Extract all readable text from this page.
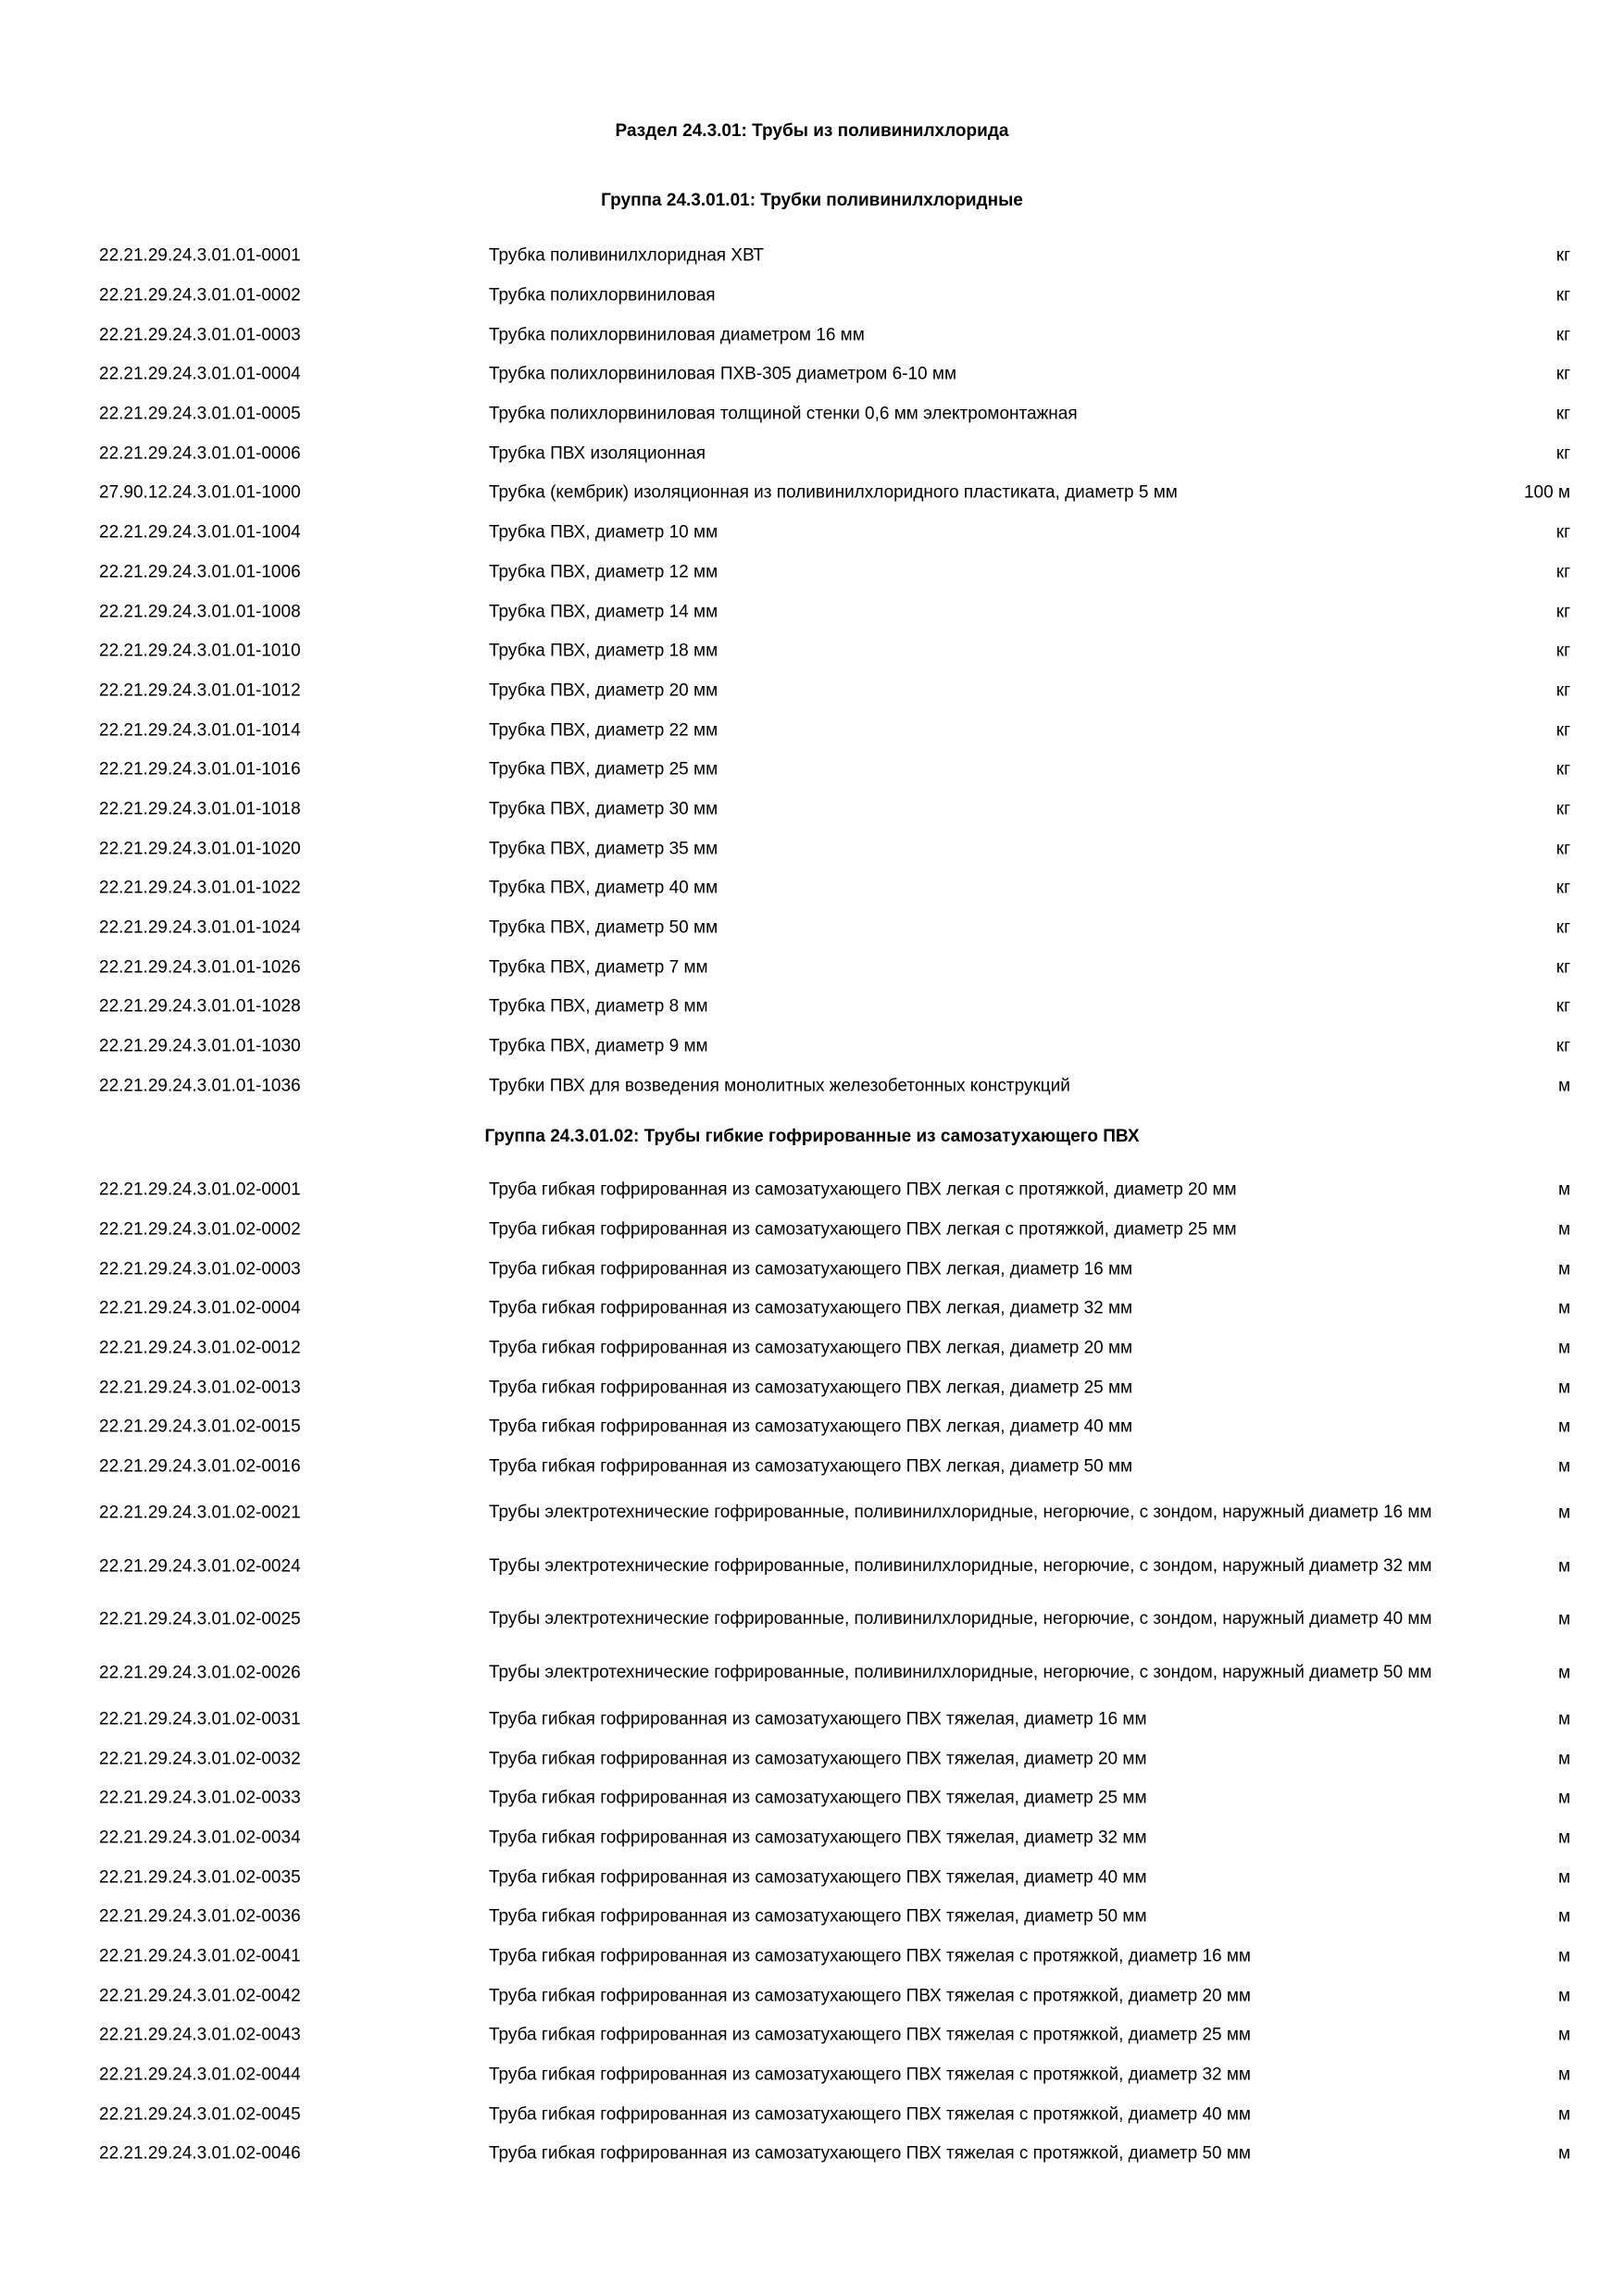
Раздел 24.3.01: Трубы из поливинилхлорида
Группа 24.3.01.01: Трубки поливинилхлоридные
22.21.29.24.3.01.01-0001	Трубка поливинилхлоридная ХВТ	кг
22.21.29.24.3.01.01-0002	Трубка полихлорвиниловая	кг
22.21.29.24.3.01.01-0003	Трубка полихлорвиниловая диаметром 16 мм	кг
22.21.29.24.3.01.01-0004	Трубка полихлорвиниловая ПХВ-305 диаметром 6-10 мм	кг
22.21.29.24.3.01.01-0005	Трубка полихлорвиниловая толщиной стенки 0,6 мм электромонтажная	кг
22.21.29.24.3.01.01-0006	Трубка ПВХ изоляционная	кг
27.90.12.24.3.01.01-1000	Трубка (кембрик) изоляционная из поливинилхлоридного пластиката, диаметр 5 мм	100 м
22.21.29.24.3.01.01-1004	Трубка ПВХ, диаметр 10 мм	кг
22.21.29.24.3.01.01-1006	Трубка ПВХ, диаметр 12 мм	кг
22.21.29.24.3.01.01-1008	Трубка ПВХ, диаметр 14 мм	кг
22.21.29.24.3.01.01-1010	Трубка ПВХ, диаметр 18 мм	кг
22.21.29.24.3.01.01-1012	Трубка ПВХ, диаметр 20 мм	кг
22.21.29.24.3.01.01-1014	Трубка ПВХ, диаметр 22 мм	кг
22.21.29.24.3.01.01-1016	Трубка ПВХ, диаметр 25 мм	кг
22.21.29.24.3.01.01-1018	Трубка ПВХ, диаметр 30 мм	кг
22.21.29.24.3.01.01-1020	Трубка ПВХ, диаметр 35 мм	кг
22.21.29.24.3.01.01-1022	Трубка ПВХ, диаметр 40 мм	кг
22.21.29.24.3.01.01-1024	Трубка ПВХ, диаметр 50 мм	кг
22.21.29.24.3.01.01-1026	Трубка ПВХ, диаметр 7 мм	кг
22.21.29.24.3.01.01-1028	Трубка ПВХ, диаметр 8 мм	кг
22.21.29.24.3.01.01-1030	Трубка ПВХ, диаметр 9 мм	кг
22.21.29.24.3.01.01-1036	Трубки ПВХ для возведения монолитных железобетонных конструкций	м
Группа 24.3.01.02: Трубы гибкие гофрированные из самозатухающего ПВХ
22.21.29.24.3.01.02-0001	Труба гибкая гофрированная из самозатухающего ПВХ легкая с протяжкой, диаметр 20 мм	м
22.21.29.24.3.01.02-0002	Труба гибкая гофрированная из самозатухающего ПВХ легкая с протяжкой, диаметр 25 мм	м
22.21.29.24.3.01.02-0003	Труба гибкая гофрированная из самозатухающего ПВХ легкая, диаметр 16 мм	м
22.21.29.24.3.01.02-0004	Труба гибкая гофрированная из самозатухающего ПВХ легкая, диаметр 32 мм	м
22.21.29.24.3.01.02-0012	Труба гибкая гофрированная из самозатухающего ПВХ легкая, диаметр 20 мм	м
22.21.29.24.3.01.02-0013	Труба гибкая гофрированная из самозатухающего ПВХ легкая, диаметр 25 мм	м
22.21.29.24.3.01.02-0015	Труба гибкая гофрированная из самозатухающего ПВХ легкая, диаметр 40 мм	м
22.21.29.24.3.01.02-0016	Труба гибкая гофрированная из самозатухающего ПВХ легкая, диаметр 50 мм	м
22.21.29.24.3.01.02-0021	Трубы электротехнические гофрированные, поливинилхлоридные, негорючие, с зондом, наружный диаметр 16 мм	м
22.21.29.24.3.01.02-0024	Трубы электротехнические гофрированные, поливинилхлоридные, негорючие, с зондом, наружный диаметр 32 мм	м
22.21.29.24.3.01.02-0025	Трубы электротехнические гофрированные, поливинилхлоридные, негорючие, с зондом, наружный диаметр 40 мм	м
22.21.29.24.3.01.02-0026	Трубы электротехнические гофрированные, поливинилхлоридные, негорючие, с зондом, наружный диаметр 50 мм	м
22.21.29.24.3.01.02-0031	Труба гибкая гофрированная из самозатухающего ПВХ тяжелая, диаметр 16 мм	м
22.21.29.24.3.01.02-0032	Труба гибкая гофрированная из самозатухающего ПВХ тяжелая, диаметр 20 мм	м
22.21.29.24.3.01.02-0033	Труба гибкая гофрированная из самозатухающего ПВХ тяжелая, диаметр 25 мм	м
22.21.29.24.3.01.02-0034	Труба гибкая гофрированная из самозатухающего ПВХ тяжелая, диаметр 32 мм	м
22.21.29.24.3.01.02-0035	Труба гибкая гофрированная из самозатухающего ПВХ тяжелая, диаметр 40 мм	м
22.21.29.24.3.01.02-0036	Труба гибкая гофрированная из самозатухающего ПВХ тяжелая, диаметр 50 мм	м
22.21.29.24.3.01.02-0041	Труба гибкая гофрированная из самозатухающего ПВХ тяжелая с протяжкой, диаметр 16 мм	м
22.21.29.24.3.01.02-0042	Труба гибкая гофрированная из самозатухающего ПВХ тяжелая с протяжкой, диаметр 20 мм	м
22.21.29.24.3.01.02-0043	Труба гибкая гофрированная из самозатухающего ПВХ тяжелая с протяжкой, диаметр 25 мм	м
22.21.29.24.3.01.02-0044	Труба гибкая гофрированная из самозатухающего ПВХ тяжелая с протяжкой, диаметр 32 мм	м
22.21.29.24.3.01.02-0045	Труба гибкая гофрированная из самозатухающего ПВХ тяжелая с протяжкой, диаметр 40 мм	м
22.21.29.24.3.01.02-0046	Труба гибкая гофрированная из самозатухающего ПВХ тяжелая с протяжкой, диаметр 50 мм	м
